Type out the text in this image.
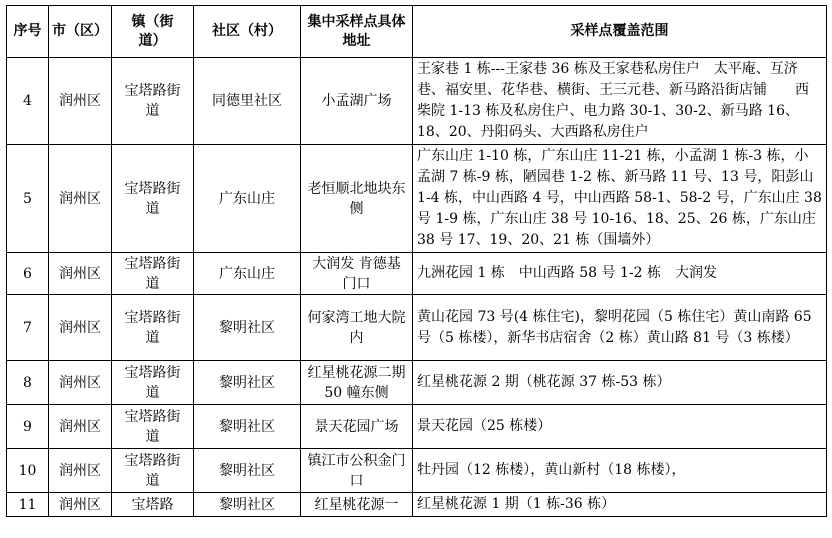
序号	市（区）	镇（街道）	社区（村）	集中采样点具体地址	采样点覆盖范围
4	润州区	宝塔路街道	同德里社区	小孟湖广场	王家巷 1 栋---王家巷 36 栋及王家巷私房住户　太平庵、互济巷、福安里、花华巷、横街、王三元巷、新马路沿街店铺　　西柴院 1-13 栋及私房住户、电力路 30-1、30-2、新马路 16、18、20、丹阳码头、大西路私房住户
5	润州区	宝塔路街道	广东山庄	老恒顺北地块东侧	广东山庄 1-10 栋，广东山庄 11-21 栋，小孟湖 1 栋-3 栋，小孟湖 7 栋-9 栋，陋园巷 1-2 栋、新马路 11 号、13 号，阳彭山 1-4 栋，中山西路 4 号，中山西路 58-1、58-2 号，广东山庄 38 号 1-9 栋，广东山庄 38 号 10-16、18、25、26 栋，广东山庄 38 号 17、19、20、21 栋（围墙外）
6	润州区	宝塔路街道	广东山庄	大润发 肯德基门口	九洲花园 1 栋　中山西路 58 号 1-2 栋　大润发
7	润州区	宝塔路街道	黎明社区	何家湾工地大院内	黄山花园 73 号(4 栋住宅)，黎明花园（5 栋住宅）黄山南路 65 号（5 栋楼），新华书店宿舍（2 栋）黄山路 81 号（3 栋楼）
8	润州区	宝塔路街道	黎明社区	红星桃花源二期 50 幢东侧	红星桃花源 2 期（桃花源 37 栋-53 栋）
9	润州区	宝塔路街道	黎明社区	景天花园广场	景天花园（25 栋楼）
10	润州区	宝塔路街道	黎明社区	镇江市公积金门口	牡丹园（12 栋楼），黄山新村（18 栋楼），
11	润州区	宝塔路	黎明社区	红星桃花源一	红星桃花源 1 期（1 栋-36 栋）
